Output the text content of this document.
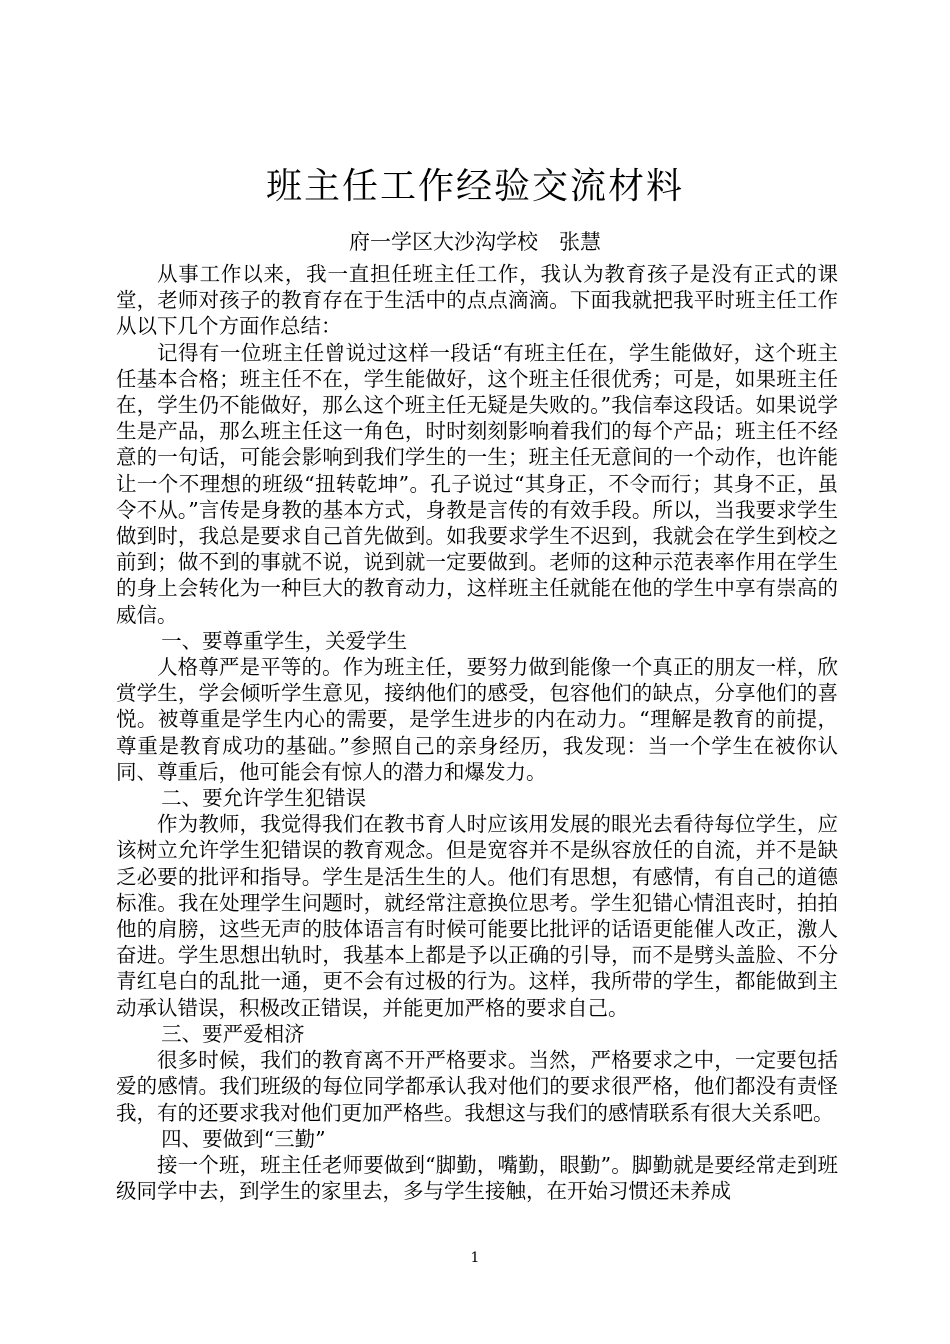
班主任工作经验交流材料
府一学区大沙沟学校　张慧

从事工作以来，我一直担任班主任工作，我认为教育孩子是没有正式的课堂，老师对孩子的教育存在于生活中的点点滴滴。下面我就把我平时班主任工作从以下几个方面作总结：

记得有一位班主任曾说过这样一段话“有班主任在，学生能做好，这个班主任基本合格；班主任不在，学生能做好，这个班主任很优秀；可是，如果班主任在，学生仍不能做好，那么这个班主任无疑是失败的。”我信奉这段话。如果说学生是产品，那么班主任这一角色，时时刻刻影响着我们的每个产品；班主任不经意的一句话，可能会影响到我们学生的一生；班主任无意间的一个动作，也许能让一个不理想的班级“扭转乾坤”。孔子说过“其身正，不令而行；其身不正，虽令不从。”言传是身教的基本方式，身教是言传的有效手段。所以，当我要求学生做到时，我总是要求自己首先做到。如我要求学生不迟到，我就会在学生到校之前到；做不到的事就不说，说到就一定要做到。老师的这种示范表率作用在学生的身上会转化为一种巨大的教育动力，这样班主任就能在他的学生中享有崇高的威信。

一、要尊重学生，关爱学生

人格尊严是平等的。作为班主任，要努力做到能像一个真正的朋友一样，欣赏学生，学会倾听学生意见，接纳他们的感受，包容他们的缺点，分享他们的喜悦。被尊重是学生内心的需要，是学生进步的内在动力。“理解是教育的前提，尊重是教育成功的基础。”参照自己的亲身经历，我发现：当一个学生在被你认同、尊重后，他可能会有惊人的潜力和爆发力。

二、要允许学生犯错误

作为教师，我觉得我们在教书育人时应该用发展的眼光去看待每位学生，应该树立允许学生犯错误的教育观念。但是宽容并不是纵容放任的自流，并不是缺乏必要的批评和指导。学生是活生生的人。他们有思想，有感情，有自己的道德标准。我在处理学生问题时，就经常注意换位思考。学生犯错心情沮丧时，拍拍他的肩膀，这些无声的肢体语言有时候可能要比批评的话语更能催人改正，激人奋进。学生思想出轨时，我基本上都是予以正确的引导，而不是劈头盖脸、不分青红皂白的乱批一通，更不会有过极的行为。这样，我所带的学生，都能做到主动承认错误，积极改正错误，并能更加严格的要求自己。

三、要严爱相济

很多时候，我们的教育离不开严格要求。当然，严格要求之中，一定要包括爱的感情。我们班级的每位同学都承认我对他们的要求很严格，他们都没有责怪我，有的还要求我对他们更加严格些。我想这与我们的感情联系有很大关系吧。

四、要做到“三勤”

接一个班，班主任老师要做到“脚勤，嘴勤，眼勤”。脚勤就是要经常走到班级同学中去，到学生的家里去，多与学生接触，在开始习惯还未养成

1
